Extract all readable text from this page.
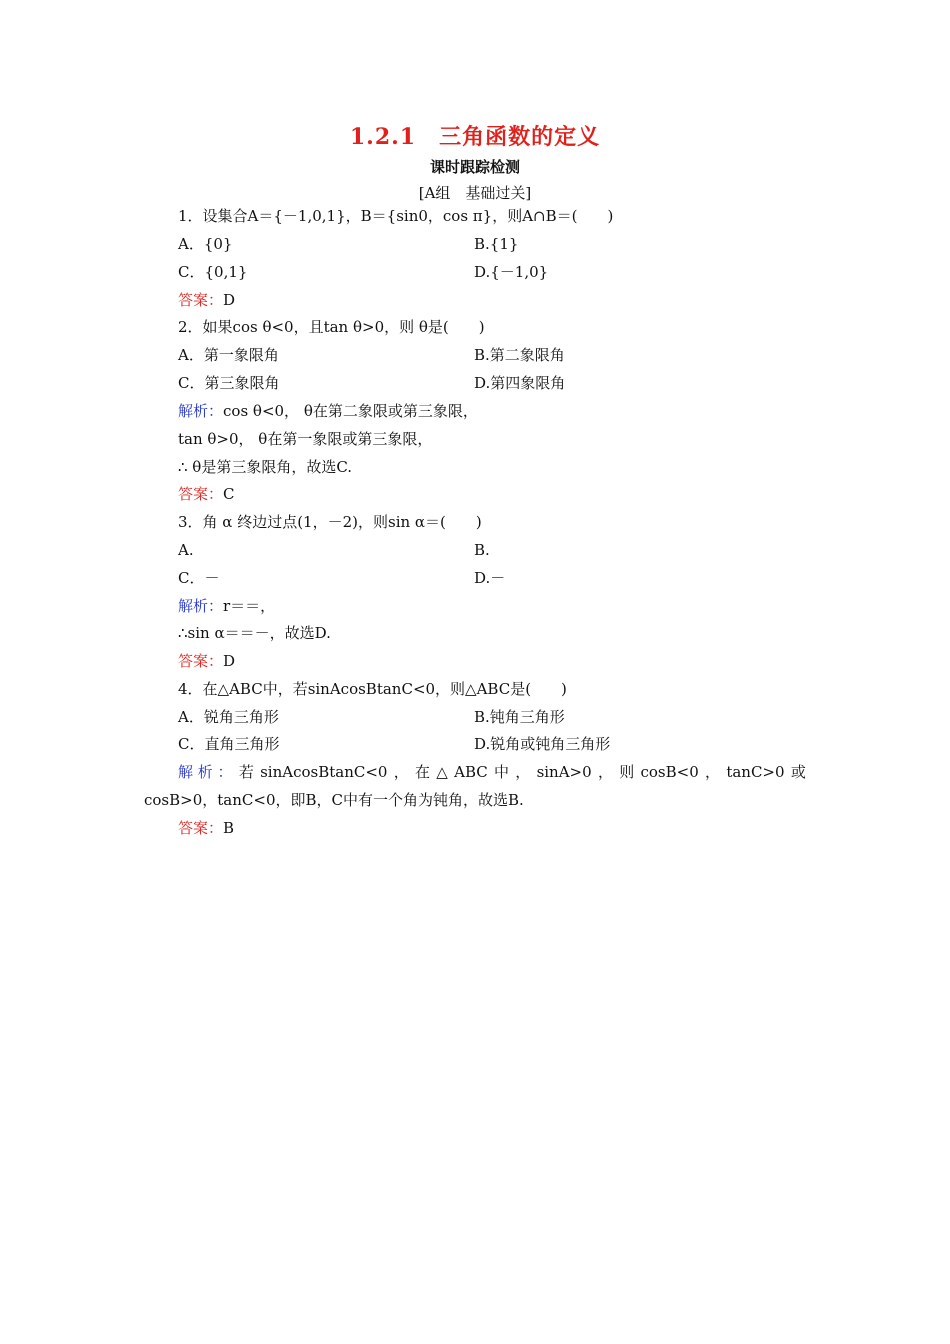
1.2.1　三角函数的定义
课时跟踪检测
[A组　基础过关]
1．设集合A＝{－1,0,1}，B＝{sin0，cos π}，则A∩B＝(　　)
A．{0}	B.{1}
C．{0,1}	D.{－1,0}
答案：D
2．如果cos θ<0，且tan θ>0，则 θ是(　　)
A．第一象限角	B.第二象限角
C．第三象限角	D.第四象限角
解析：cos θ<0， θ在第二象限或第三象限，
tan θ>0， θ在第一象限或第三象限，
∴ θ是第三象限角，故选C.
答案：C
3．角 α 终边过点(1，－2)，则sin α＝(　　)
A.	B.
C．－	D.－
解析：r＝＝，
∴sin α＝＝－，故选D.
答案：D
4．在△ABC中，若sinAcosBtanC<0，则△ABC是(　　)
A．锐角三角形	B.钝角三角形
C．直角三角形	D.锐角或钝角三角形
解 析 ： 若 sinAcosBtanC<0 ， 在 △ ABC 中 ， sinA>0 ， 则 cosB<0 ， tanC>0 或
cosB>0，tanC<0，即B，C中有一个角为钝角，故选B.
答案：B
